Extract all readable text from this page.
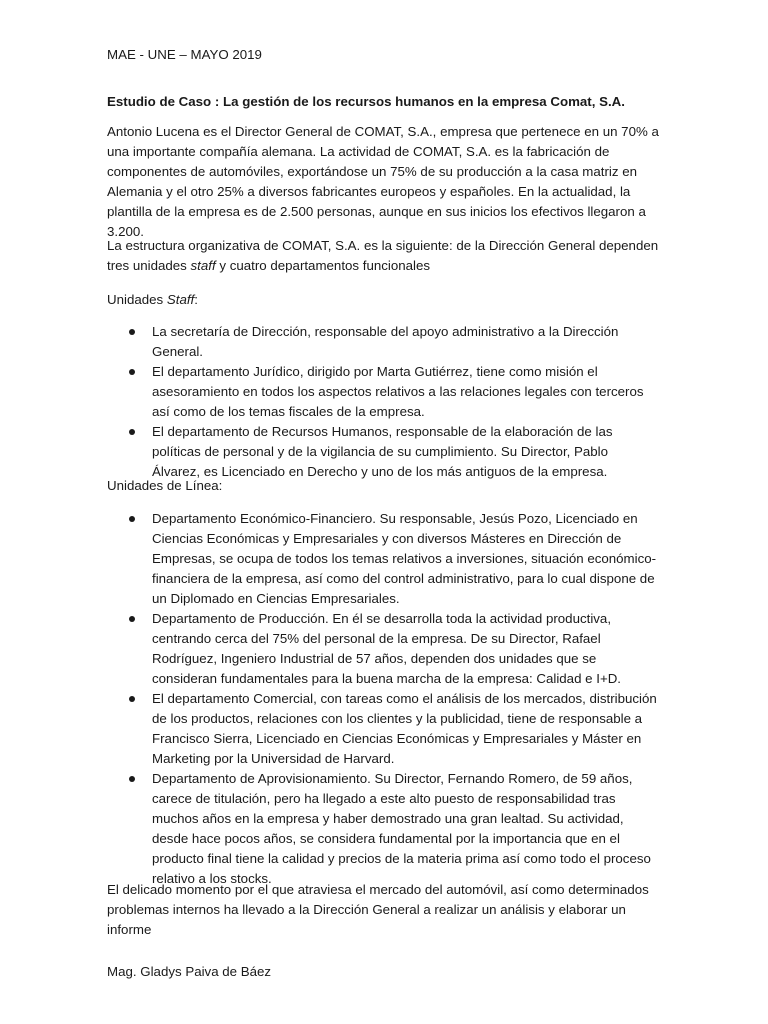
MAE - UNE – MAYO 2019
Estudio de Caso : La gestión de los recursos humanos en la empresa Comat, S.A.

Antonio Lucena es el Director General de COMAT, S.A., empresa que pertenece en un 70% a una importante compañía alemana. La actividad de COMAT, S.A. es la fabricación de componentes de automóviles, exportándose un 75% de su producción a la casa matriz en Alemania y el otro 25% a diversos fabricantes europeos y españoles. En la actualidad, la plantilla de la empresa es de 2.500 personas, aunque en sus inicios los efectivos llegaron a 3.200.

La estructura organizativa de COMAT, S.A. es la siguiente: de la Dirección General dependen tres unidades staff y cuatro departamentos funcionales

Unidades Staff:
La secretaría de Dirección, responsable del apoyo administrativo a la Dirección General.
El departamento Jurídico, dirigido por Marta Gutiérrez, tiene como misión el asesoramiento en todos los aspectos relativos a las relaciones legales con terceros así como de los temas fiscales de la empresa.
El departamento de Recursos Humanos, responsable de la elaboración de las políticas de personal y de la vigilancia de su cumplimiento. Su Director, Pablo Álvarez, es Licenciado en Derecho y uno de los más antiguos de la empresa.
Unidades de Línea:
Departamento Económico-Financiero. Su responsable, Jesús Pozo, Licenciado en Ciencias Económicas y Empresariales y con diversos Másteres en Dirección de Empresas, se ocupa de todos los temas relativos a inversiones, situación económico-financiera de la empresa, así como del control administrativo, para lo cual dispone de un Diplomado en Ciencias Empresariales.
Departamento de Producción. En él se desarrolla toda la actividad productiva, centrando cerca del 75% del personal de la empresa. De su Director, Rafael Rodríguez, Ingeniero Industrial de 57 años, dependen dos unidades que se consideran fundamentales para la buena marcha de la empresa: Calidad e I+D.
El departamento Comercial, con tareas como el análisis de los mercados, distribución de los productos, relaciones con los clientes y la publicidad, tiene de responsable a Francisco Sierra, Licenciado en Ciencias Económicas y Empresariales y Máster en Marketing por la Universidad de Harvard.
Departamento de Aprovisionamiento. Su Director, Fernando Romero, de 59 años, carece de titulación, pero ha llegado a este alto puesto de responsabilidad tras muchos años en la empresa y haber demostrado una gran lealtad. Su actividad, desde hace pocos años, se considera fundamental por la importancia que en el producto final tiene la calidad y precios de la materia prima así como todo el proceso relativo a los stocks.

El delicado momento por el que atraviesa el mercado del automóvil, así como determinados problemas internos ha llevado a la Dirección General a realizar un análisis y elaborar un informe

Mag. Gladys Paiva de Báez
